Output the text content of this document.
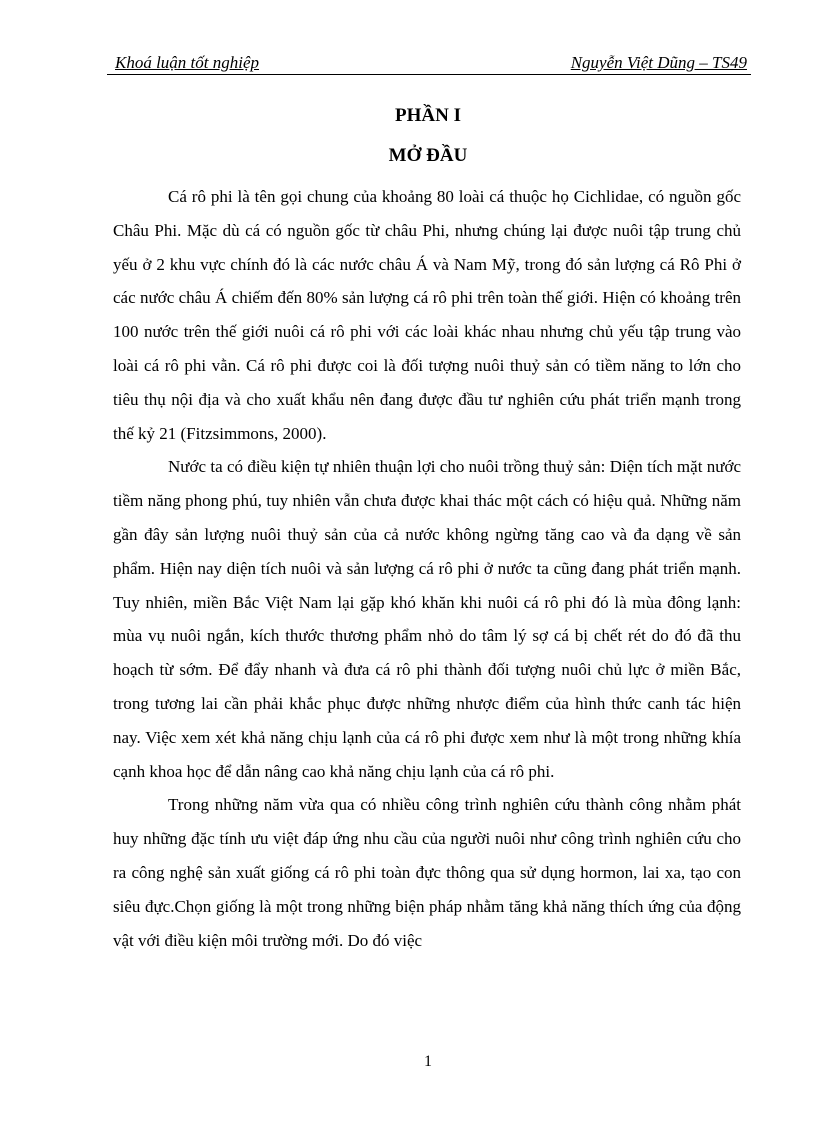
Khoá luận tốt nghiệp	Nguyễn Việt Dũng – TS49
PHẦN I
MỞ ĐẦU

Cá rô phi là tên gọi chung của khoảng 80 loài cá thuộc họ Cichlidae, có nguồn gốc Châu Phi. Mặc dù cá có nguồn gốc từ châu Phi, nhưng chúng lại được nuôi tập trung chủ yếu ở 2 khu vực chính đó là các nước châu Á và Nam Mỹ, trong đó sản lượng cá Rô Phi ở các nước châu Á chiếm đến 80% sản lượng cá rô phi trên toàn thế giới. Hiện có khoảng trên 100 nước trên thế giới nuôi cá rô phi với các loài khác nhau nhưng chủ yếu tập trung vào loài cá rô phi vằn. Cá rô phi được coi là đối tượng nuôi thuỷ sản có tiềm năng to lớn cho tiêu thụ nội địa và cho xuất khẩu nên đang được đầu tư nghiên cứu phát triển mạnh trong thế kỷ 21 (Fitzsimmons, 2000).

Nước ta có điều kiện tự nhiên thuận lợi cho nuôi trồng thuỷ sản: Diện tích mặt nước tiềm năng phong phú, tuy nhiên vẫn chưa được khai thác một cách có hiệu quả. Những năm gần đây sản lượng nuôi thuỷ sản của cả nước không ngừng tăng cao và đa dạng về sản phẩm. Hiện nay diện tích nuôi và sản lượng cá rô phi ở nước ta cũng đang phát triển mạnh. Tuy nhiên, miền Bắc Việt Nam lại gặp khó khăn khi nuôi cá rô phi đó là mùa đông lạnh: mùa vụ nuôi ngắn, kích thước thương phẩm nhỏ do tâm lý sợ cá bị chết rét do đó đã thu hoạch từ sớm. Để đẩy nhanh và đưa cá rô phi thành đối tượng nuôi chủ lực ở miền Bắc, trong tương lai cần phải khắc phục được những nhược điểm của hình thức canh tác hiện nay. Việc xem xét khả năng chịu lạnh của cá rô phi được xem như là một trong những khía cạnh khoa học để dẫn nâng cao khả năng chịu lạnh của cá rô phi.

Trong những năm vừa qua có nhiều công trình nghiên cứu thành công nhằm phát huy những đặc tính ưu việt đáp ứng nhu cầu của người nuôi như công trình nghiên cứu cho ra công nghệ sản xuất giống cá rô phi toàn đực thông qua sử dụng hormon, lai xa, tạo con siêu đực.Chọn giống là một trong những biện pháp nhằm tăng khả năng thích ứng của động vật với điều kiện môi trường mới. Do đó việc

1
